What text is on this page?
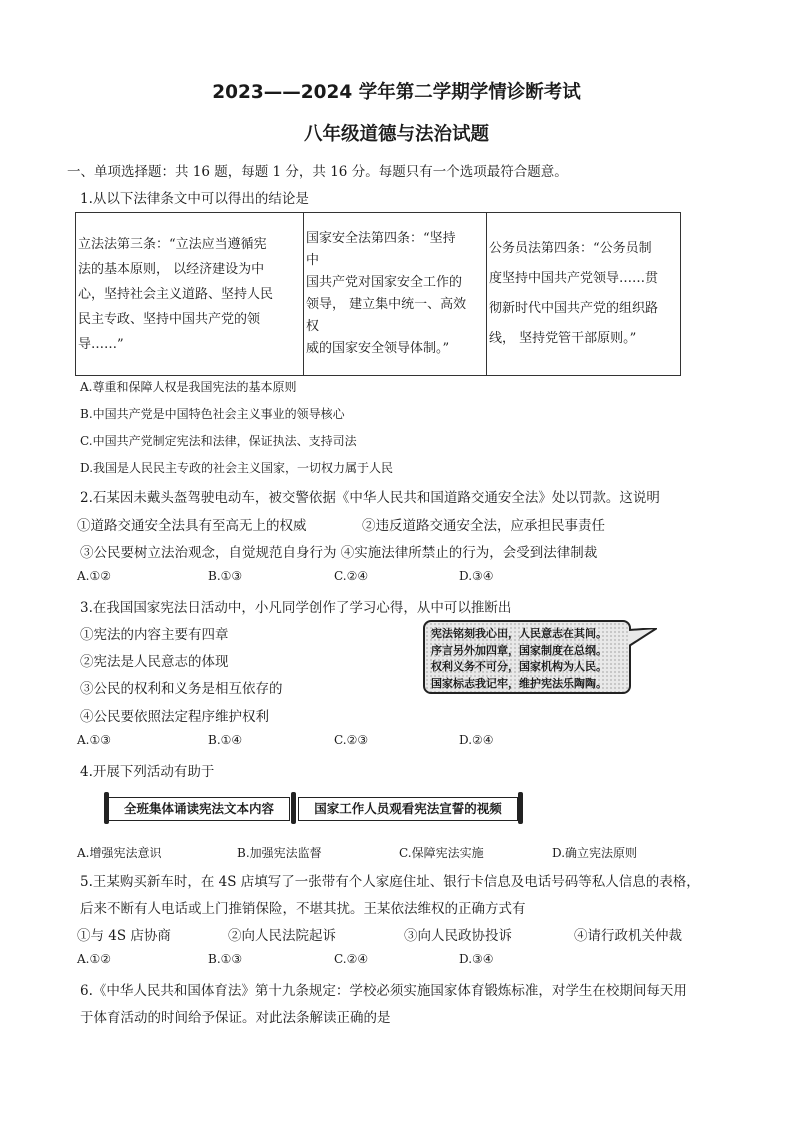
2023——2024 学年第二学期学情诊断考试
八年级道德与法治试题
一、单项选择题：共 16 题，每题 1 分，共 16 分。每题只有一个选项最符合题意。
1.从以下法律条文中可以得出的结论是
立法法第三条：“立法应当遵循宪
法的基本原则， 以经济建设为中
心，坚持社会主义道路、坚持人民
民主专政、坚持中国共产党的领
导……”

国家安全法第四条：“坚持
中
国共产党对国家安全工作的
领导， 建立集中统一、高效
权
威的国家安全领导体制。”

公务员法第四条：“公务员制
度坚持中国共产党领导……贯
彻新时代中国共产党的组织路
线， 坚持党管干部原则。”
A.尊重和保障人权是我国宪法的基本原则
B.中国共产党是中国特色社会主义事业的领导核心
C.中国共产党制定宪法和法律，保证执法、支持司法
D.我国是人民民主专政的社会主义国家，一切权力属于人民
2.石某因未戴头盔驾驶电动车，被交警依据《中华人民共和国道路交通安全法》处以罚款。这说明
①道路交通安全法具有至高无上的权威	②违反道路交通安全法，应承担民事责任
③公民要树立法治观念，自觉规范自身行为 ④实施法律所禁止的行为，会受到法律制裁
A.①②	B.①③	C.②④	D.③④
3.在我国国家宪法日活动中，小凡同学创作了学习心得，从中可以推断出
①宪法的内容主要有四章
②宪法是人民意志的体现
③公民的权利和义务是相互依存的
④公民要依照法定程序维护权利
宪法铭刻我心田，人民意志在其间。
序言另外加四章，国家制度在总纲。
权利义务不可分，国家机构为人民。
国家标志我记牢，维护宪法乐陶陶。
A.①③	B.①④	C.②③	D.②④
4.开展下列活动有助于
全班集体诵读宪法文本内容	国家工作人员观看宪法宣誓的视频
A.增强宪法意识	B.加强宪法监督	C.保障宪法实施	D.确立宪法原则
5.王某购买新车时，在 4S 店填写了一张带有个人家庭住址、银行卡信息及电话号码等私人信息的表格，
后来不断有人电话或上门推销保险，不堪其扰。王某依法维权的正确方式有
①与 4S 店协商	②向人民法院起诉	③向人民政协投诉	④请行政机关仲裁
A.①②	B.①③	C.②④	D.③④
6.《中华人民共和国体育法》第十九条规定：学校必须实施国家体育锻炼标准，对学生在校期间每天用
于体育活动的时间给予保证。对此法条解读正确的是
